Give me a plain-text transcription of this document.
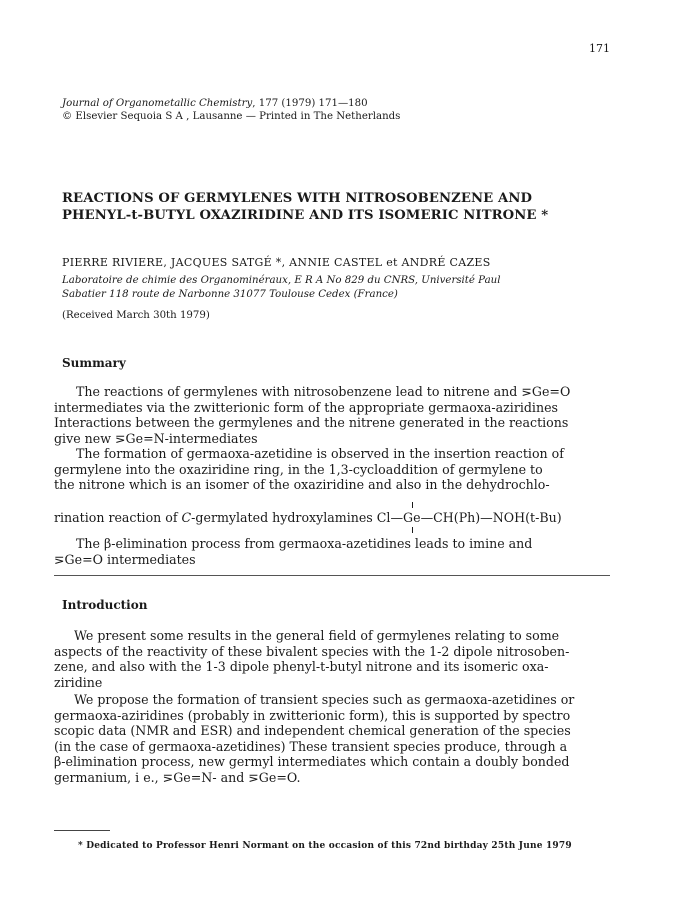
171
Journal of Organometallic Chemistry, 177 (1979) 171—180
© Elsevier Sequoia S A , Lausanne — Printed in The Netherlands
REACTIONS OF GERMYLENES WITH NITROSOBENZENE AND
PHENYL-t-BUTYL OXAZIRIDINE AND ITS ISOMERIC NITRONE *
PIERRE RIVIERE, JACQUES SATGÉ *, ANNIE CASTEL et ANDRÉ CAZES
Laboratoire de chimie des Organominéraux, E R A No 829 du CNRS, Université Paul
Sabatier 118 route de Narbonne 31077 Toulouse Cedex (France)
(Received March 30th 1979)
Summary
The reactions of germylenes with nitrosobenzene lead to nitrene and ⋝Ge=O
intermediates via the zwitterionic form of the appropriate germaoxa-aziridines
Interactions between the germylenes and the nitrene generated in the reactions
give new ⋝Ge=N-intermediates
The formation of germaoxa-azetidine is observed in the insertion reaction of
germylene into the oxaziridine ring, in the 1,3-cycloaddition of germylene to
the nitrone which is an isomer of the oxaziridine and also in the dehydrochlo-
rination reaction of C-germylated hydroxylamines Cl—
Ge
—CH(Ph)—NOH(t-Bu)
The β-elimination process from germaoxa-azetidines leads to imine and
⋝Ge=O intermediates
Introduction
We present some results in the general field of germylenes relating to some
aspects of the reactivity of these bivalent species with the 1-2 dipole nitrosoben-
zene, and also with the 1-3 dipole phenyl-t-butyl nitrone and its isomeric oxa-
ziridine
We propose the formation of transient species such as germaoxa-azetidines or
germaoxa-aziridines (probably in zwitterionic form), this is supported by spectro
scopic data (NMR and ESR) and independent chemical generation of the species
(in the case of germaoxa-azetidines) These transient species produce, through a
β-elimination process, new germyl intermediates which contain a doubly bonded
germanium, i e., ⋝Ge=N- and ⋝Ge=O.
* Dedicated to Professor Henri Normant on the occasion of this 72nd birthday 25th June 1979
